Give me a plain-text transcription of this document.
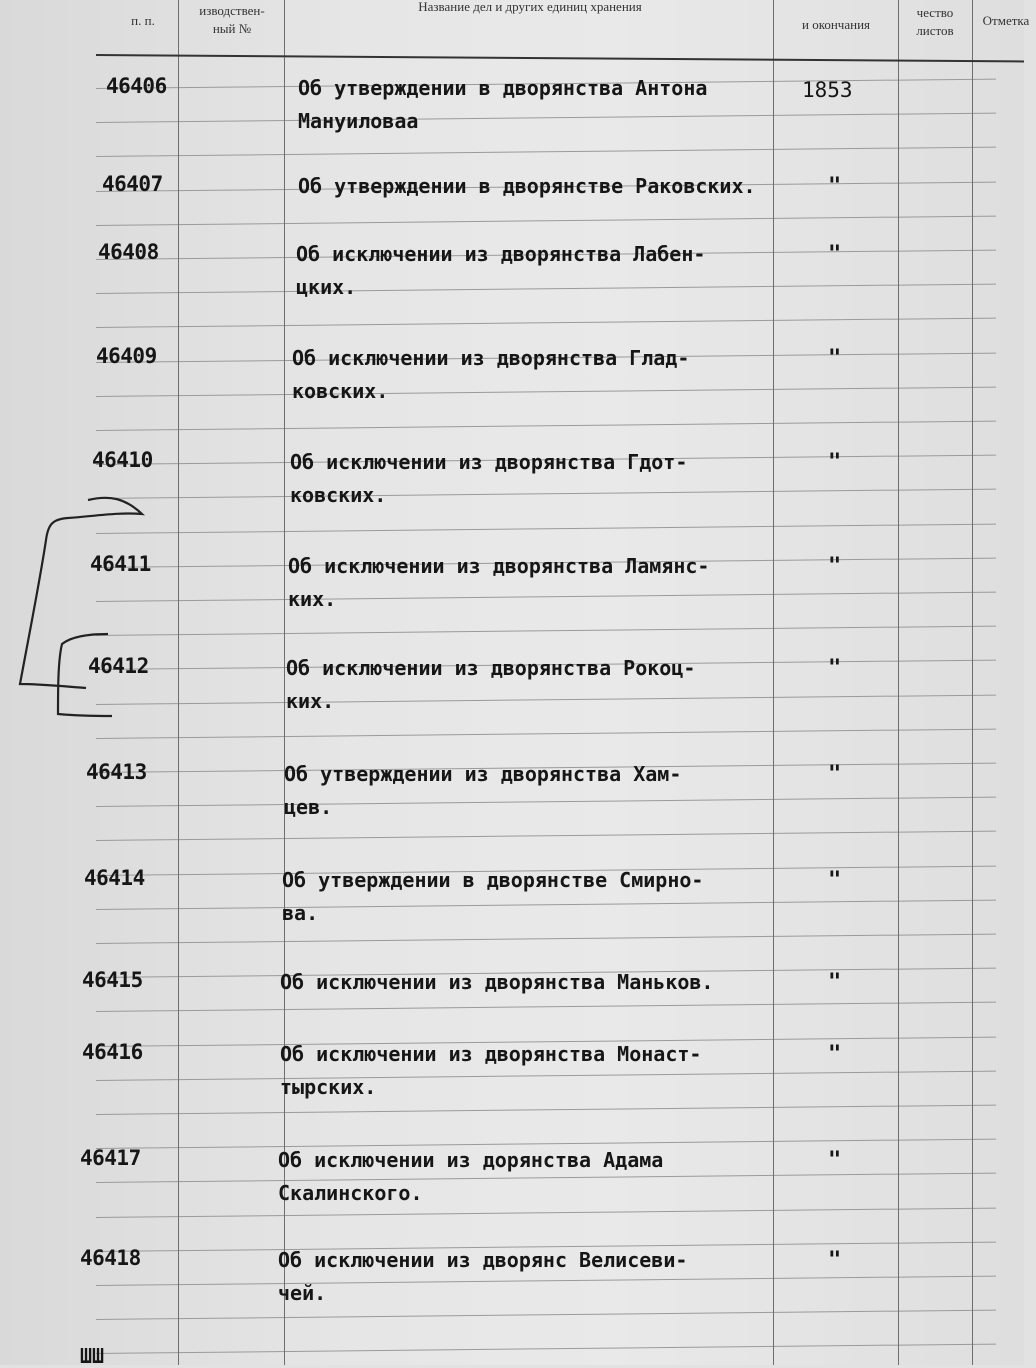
п. п.
изводствен-
ный №
Название дел и других единиц хранения
и окончания
чество
листов
Отметка
46406	Об утверждении в дворянства Антона
Мануиловаа
1853
46407	Об утверждении в дворянстве Раковских.	"
46408	Об исключении из дворянства Лабен-
цких.
"
46409	Об исключении из дворянства Глад-
ковских.
"
46410	Об исключении из дворянства Гдот-
ковских.
"
46411	Об исключении из дворянства Ламянс-
ких.
"
46412	Об исключении из дворянства Рокоц-
ких.
"
46413	Об утверждении из дворянства Хам-
цев.
"
46414	Об утверждении в дворянстве Смирно-
ва.
"
46415	Об исключении из дворянства Маньков.	"
46416	Об исключении из дворянства Монаст-
тырских.
"
46417	Об исключении из дорянства Адама
Скалинского.
"
46418	Об исключении из дворянс Велисеви-
чей.
"
ШШ
